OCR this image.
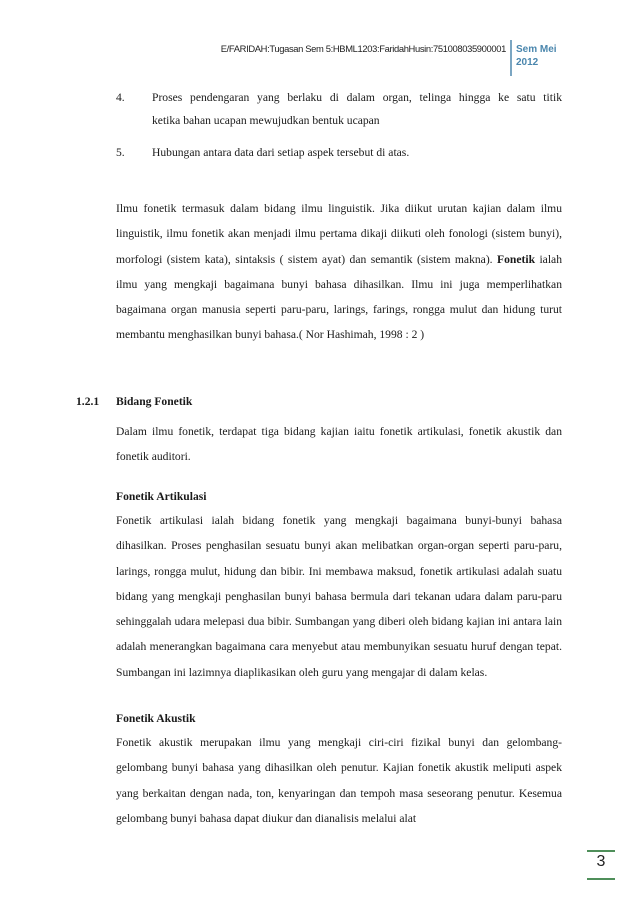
E/FARIDAH:Tugasan Sem 5:HBML1203:FaridahHusin:751008035900001 Sem Mei
2012
4. Proses pendengaran yang berlaku di dalam organ, telinga hingga ke satu titik
ketika bahan ucapan mewujudkan bentuk ucapan
5. Hubungan antara data dari setiap aspek tersebut di atas.

Ilmu fonetik termasuk dalam bidang ilmu linguistik. Jika diikut urutan kajian dalam ilmu linguistik, ilmu fonetik akan menjadi ilmu pertama dikaji diikuti oleh fonologi (sistem bunyi), morfologi (sistem kata), sintaksis ( sistem ayat) dan semantik (sistem makna). Fonetik ialah ilmu yang mengkaji bagaimana bunyi bahasa dihasilkan. Ilmu ini juga memperlihatkan bagaimana organ manusia seperti paru-paru, larings, farings, rongga mulut dan hidung turut membantu menghasilkan bunyi bahasa.( Nor Hashimah, 1998 : 2 )

1.2.1 Bidang Fonetik

Dalam ilmu fonetik, terdapat tiga bidang kajian iaitu fonetik artikulasi, fonetik akustik dan fonetik auditori.

Fonetik Artikulasi

Fonetik artikulasi ialah bidang fonetik yang mengkaji bagaimana bunyi-bunyi bahasa dihasilkan. Proses penghasilan sesuatu bunyi akan melibatkan organ-organ seperti paru-paru, larings, rongga mulut, hidung dan bibir. Ini membawa maksud, fonetik artikulasi adalah suatu bidang yang mengkaji penghasilan bunyi bahasa bermula dari tekanan udara dalam paru-paru sehinggalah udara melepasi dua bibir. Sumbangan yang diberi oleh bidang kajian ini antara lain adalah menerangkan bagaimana cara menyebut atau membunyikan sesuatu huruf dengan tepat. Sumbangan ini lazimnya diaplikasikan oleh guru yang mengajar di dalam kelas.

Fonetik Akustik

Fonetik akustik merupakan ilmu yang mengkaji ciri-ciri fizikal bunyi dan gelombang-gelombang bunyi bahasa yang dihasilkan oleh penutur. Kajian fonetik akustik meliputi aspek yang berkaitan dengan nada, ton, kenyaringan dan tempoh masa seseorang penutur. Kesemua gelombang bunyi bahasa dapat diukur dan dianalisis melalui alat

3
